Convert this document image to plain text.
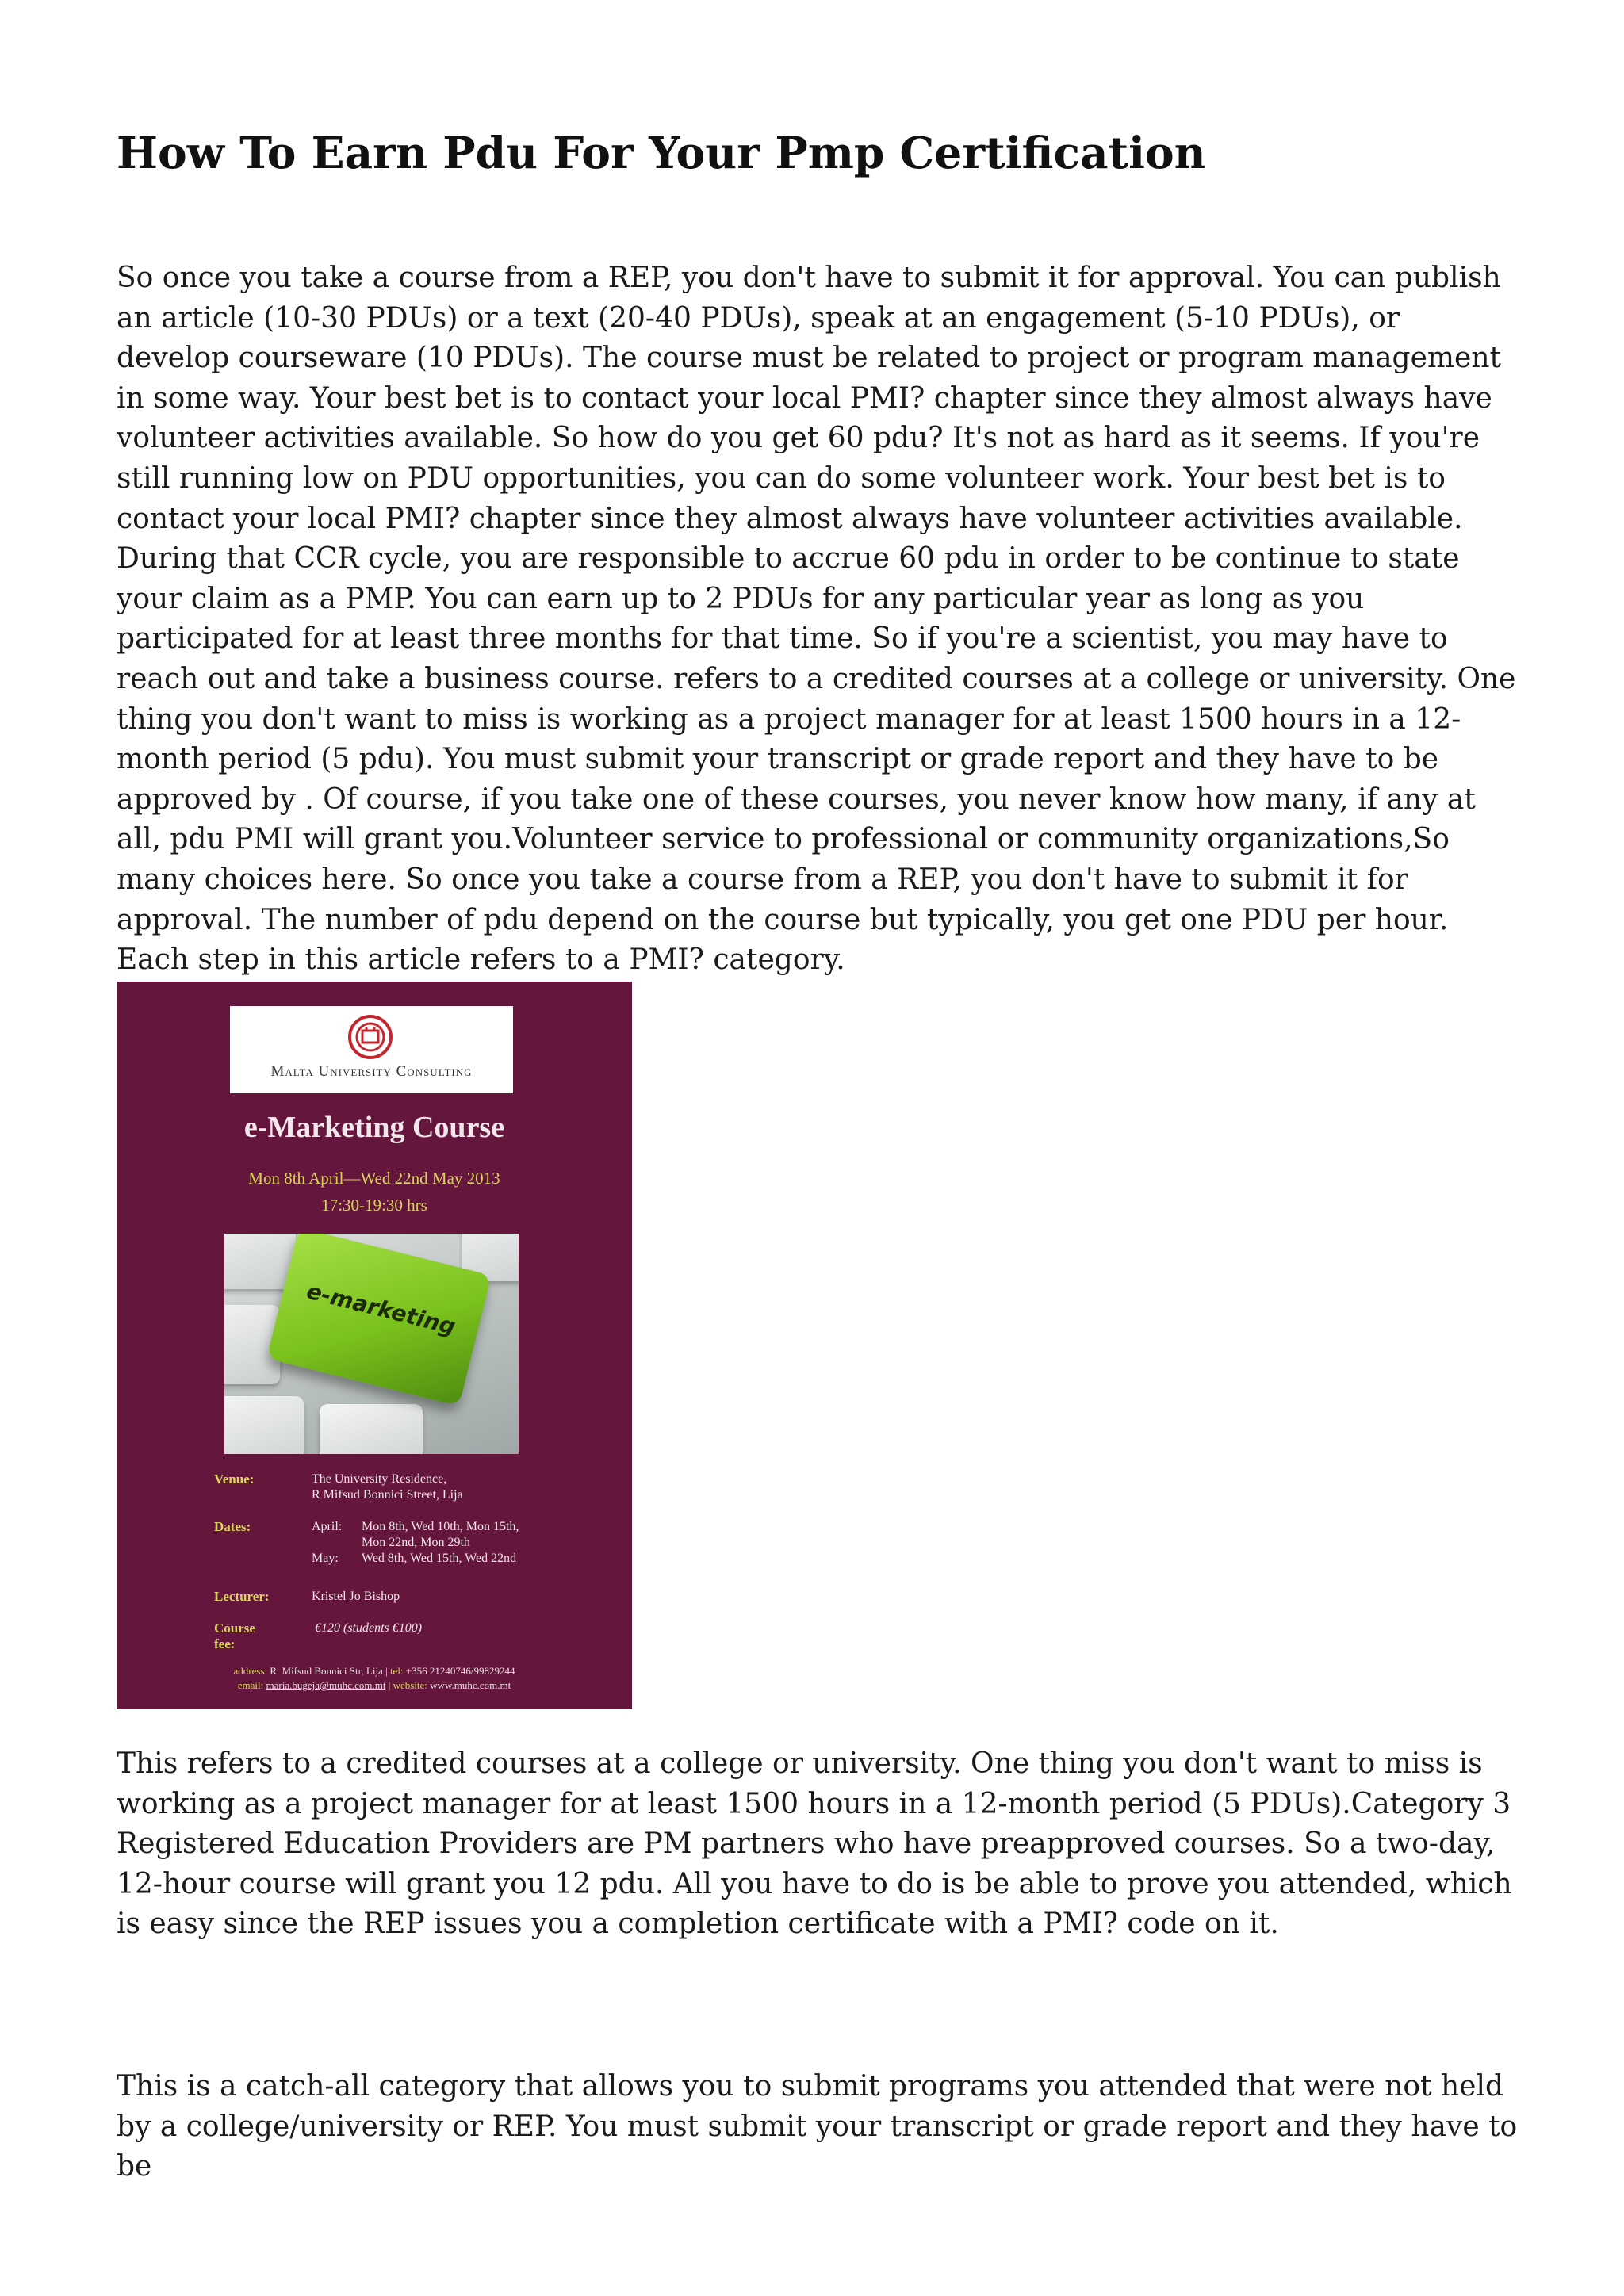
How To Earn Pdu For Your Pmp Certification

So once you take a course from a REP, you don't have to submit it for approval. You can publish an article (10-30 PDUs) or a text (20-40 PDUs), speak at an engagement (5-10 PDUs), or develop courseware (10 PDUs). The course must be related to project or program management in some way. Your best bet is to contact your local PMI? chapter since they almost always have volunteer activities available. So how do you get 60 pdu? It's not as hard as it seems. If you're still running low on PDU opportunities, you can do some volunteer work. Your best bet is to contact your local PMI? chapter since they almost always have volunteer activities available. During that CCR cycle, you are responsible to accrue 60 pdu in order to be continue to state your claim as a PMP. You can earn up to 2 PDUs for any particular year as long as you participated for at least three months for that time. So if you're a scientist, you may have to reach out and take a business course. refers to a credited courses at a college or university. One thing you don't want to miss is working as a project manager for at least 1500 hours in a 12-month period (5 pdu). You must submit your transcript or grade report and they have to be approved by . Of course, if you take one of these courses, you never know how many, if any at all, pdu PMI will grant you.Volunteer service to professional or community organizations,So many choices here. So once you take a course from a REP, you don't have to submit it for approval. The number of pdu depend on the course but typically, you get one PDU per hour. Each step in this article refers to a PMI? category.

Malta University Consulting
e-Marketing Course
Mon 8th April—Wed 22nd May 2013
17:30-19:30 hrs
e-marketing
Venue:	The University Residence,
R Mifsud Bonnici Street, Lija
Dates:	April: Mon 8th, Wed 10th, Mon 15th,
Mon 22nd, Mon 29th
May: Wed 8th, Wed 15th, Wed 22nd
Lecturer:	Kristel Jo Bishop
Course fee:
€120 (students €100)
address: R. Mifsud Bonnici Str, Lija | tel: +356 21240746/99829244
email: maria.bugeja@muhc.com.mt | website: www.muhc.com.mt

This refers to a credited courses at a college or university. One thing you don't want to miss is working as a project manager for at least 1500 hours in a 12-month period (5 PDUs).Category 3 Registered Education Providers are PM partners who have preapproved courses. So a two-day, 12-hour course will grant you 12 pdu. All you have to do is be able to prove you attended, which is easy since the REP issues you a completion certificate with a PMI? code on it.

This is a catch-all category that allows you to submit programs you attended that were not held by a college/university or REP. You must submit your transcript or grade report and they have to be
